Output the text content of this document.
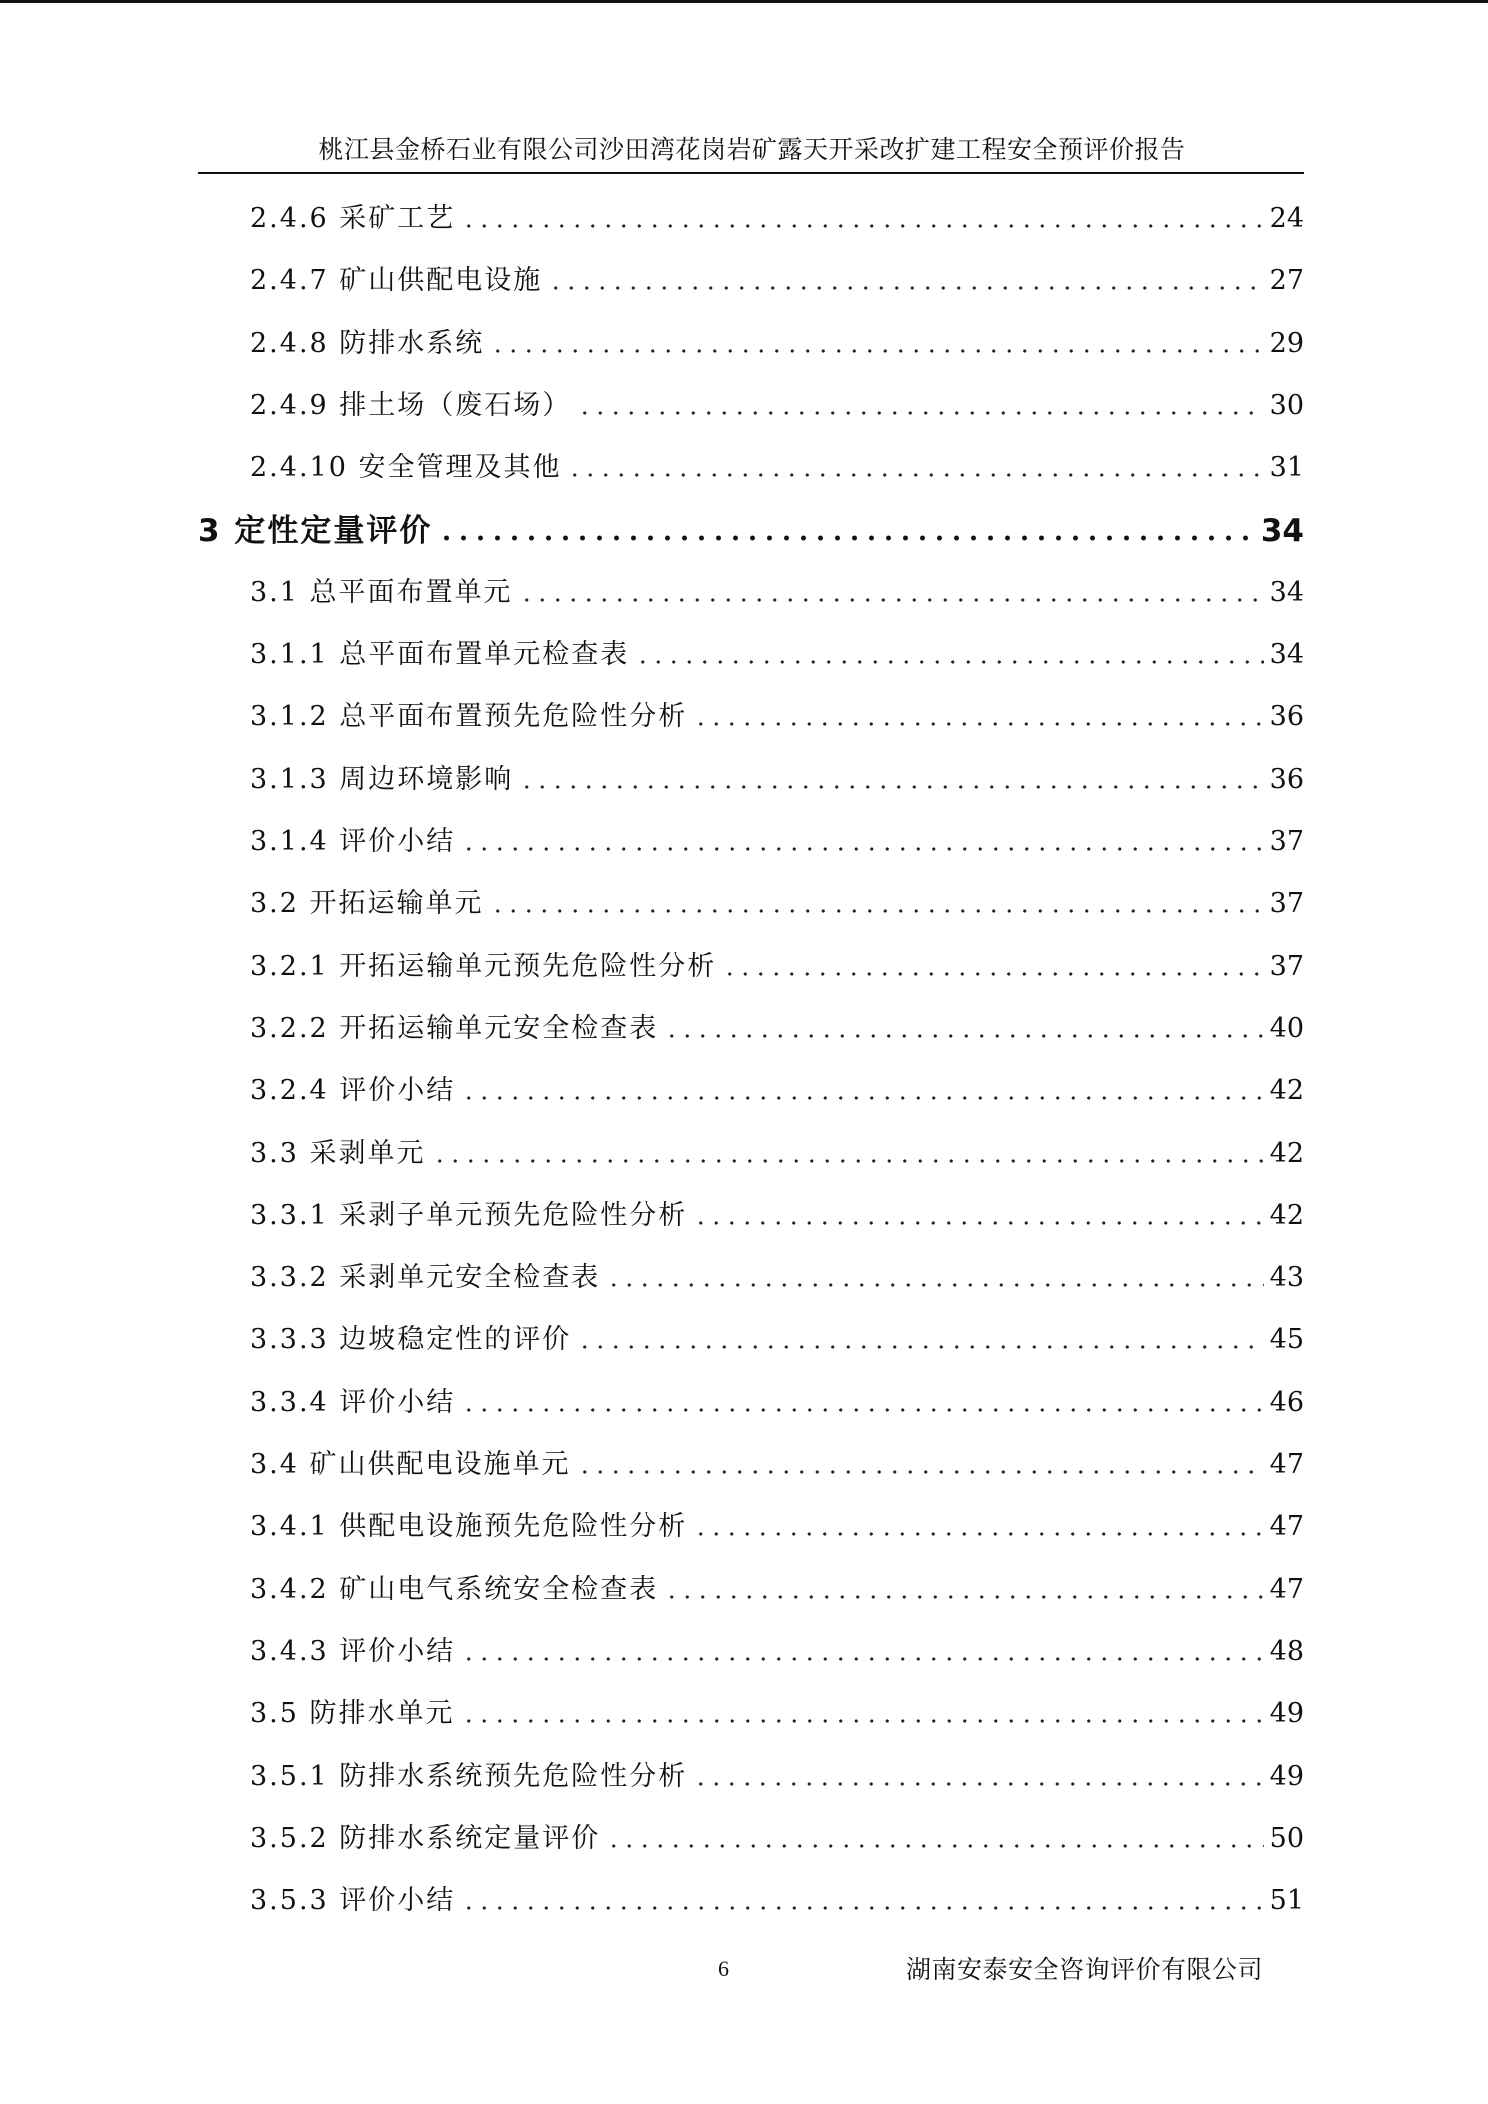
桃江县金桥石业有限公司沙田湾花岗岩矿露天开采改扩建工程安全预评价报告
2.4.6 采矿工艺	24
2.4.7 矿山供配电设施	27
2.4.8 防排水系统	29
2.4.9 排土场（废石场）	30
2.4.10 安全管理及其他	31
3 定性定量评价	34
3.1 总平面布置单元	34
3.1.1 总平面布置单元检查表	34
3.1.2 总平面布置预先危险性分析	36
3.1.3 周边环境影响	36
3.1.4 评价小结	37
3.2 开拓运输单元	37
3.2.1 开拓运输单元预先危险性分析	37
3.2.2 开拓运输单元安全检查表	40
3.2.4 评价小结	42
3.3 采剥单元	42
3.3.1 采剥子单元预先危险性分析	42
3.3.2 采剥单元安全检查表	43
3.3.3 边坡稳定性的评价	45
3.3.4 评价小结	46
3.4 矿山供配电设施单元	47
3.4.1 供配电设施预先危险性分析	47
3.4.2 矿山电气系统安全检查表	47
3.4.3 评价小结	48
3.5 防排水单元	49
3.5.1 防排水系统预先危险性分析	49
3.5.2 防排水系统定量评价	50
3.5.3 评价小结	51
6	湖南安泰安全咨询评价有限公司
